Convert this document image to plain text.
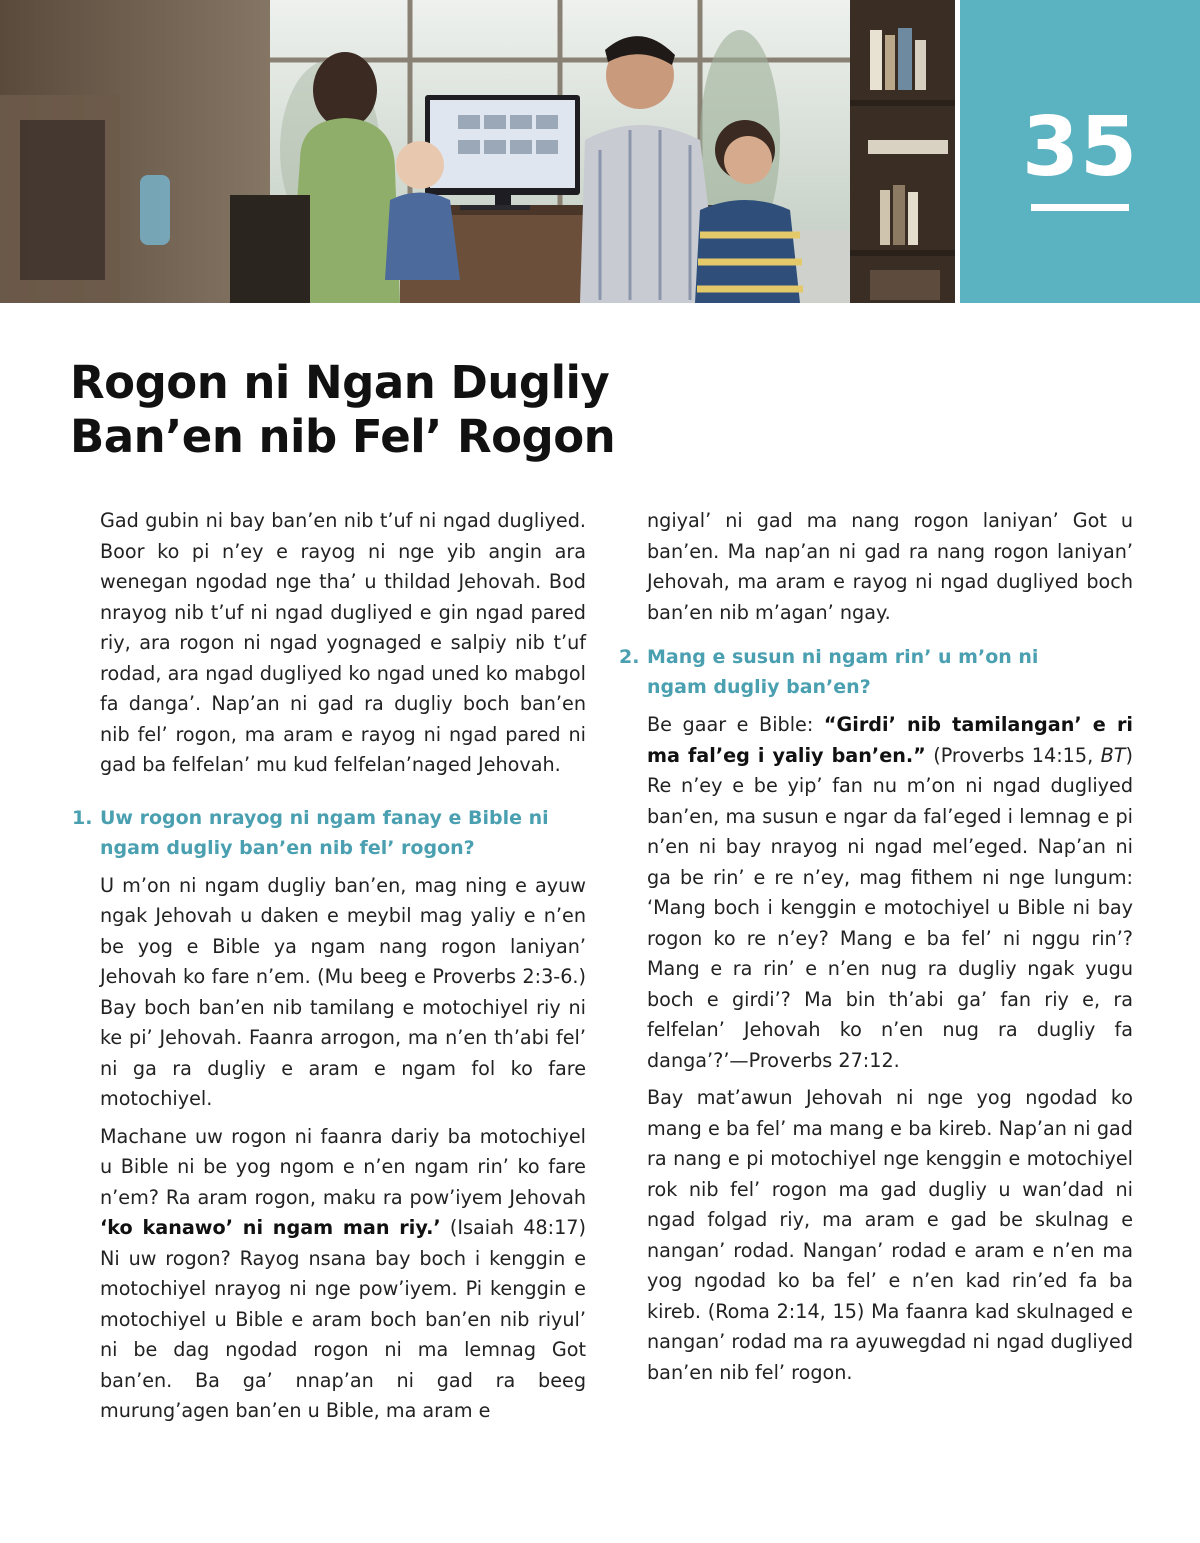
35
Rogon ni Ngan Dugliy
Ban’en nib Fel’ Rogon

Gad gubin ni bay ban’en nib t’uf ni ngad dugliyed. Boor ko pi n’ey e rayog ni nge yib angin ara wenegan ngodad nge tha’ u thildad Jehovah. Bod nrayog nib t’uf ni ngad dugliyed e gin ngad pared riy, ara rogon ni ngad yognaged e salpiy nib t’uf rodad, ara ngad dugliyed ko ngad uned ko mabgol fa danga’. Nap’an ni gad ra dugliy boch ban’en nib fel’ rogon, ma aram e rayog ni ngad pared ni gad ba felfelan’ mu kud felfelan’naged Jehovah.

1. Uw rogon nrayog ni ngam fanay e Bible ni
ngam dugliy ban’en nib fel’ rogon?

U m’on ni ngam dugliy ban’en, mag ning e ayuw ngak Jehovah u daken e meybil mag yaliy e n’en be yog e Bible ya ngam nang rogon laniyan’ Jehovah ko fare n’em. (Mu beeg e Proverbs 2:3-6.) Bay boch ban’en nib tamilang e motochiyel riy ni ke pi’ Jehovah. Faanra arrogon, ma n’en th’abi fel’ ni ga ra dugliy e aram e ngam fol ko fare motochiyel.

Machane uw rogon ni faanra dariy ba motochiyel u Bible ni be yog ngom e n’en ngam rin’ ko fare n’em? Ra aram rogon, maku ra pow’iyem Jehovah ‘ko kanawo’ ni ngam man riy.’ (Isaiah 48:17) Ni uw rogon? Rayog nsana bay boch i kenggin e motochiyel nrayog ni nge pow’iyem. Pi kenggin e motochiyel u Bible e aram boch ban’en nib riyul’ ni be dag ngodad rogon ni ma lemnag Got ban’en. Ba ga’ nnap’an ni gad ra beeg murung’agen ban’en u Bible, ma aram e

ngiyal’ ni gad ma nang rogon laniyan’ Got u ban’en. Ma nap’an ni gad ra nang rogon laniyan’ Jehovah, ma aram e rayog ni ngad dugliyed boch ban’en nib m’agan’ ngay.

2. Mang e susun ni ngam rin’ u m’on ni
ngam dugliy ban’en?

Be gaar e Bible: “Girdi’ nib tamilangan’ e ri ma fal’eg i yaliy ban’en.” (Proverbs 14:15, BT) Re n’ey e be yip’ fan nu m’on ni ngad dugliyed ban’en, ma susun e ngar da fal’eged i lemnag e pi n’en ni bay nrayog ni ngad mel’eged. Nap’an ni ga be rin’ e re n’ey, mag fithem ni nge lungum: ‘Mang boch i kenggin e motochiyel u Bible ni bay rogon ko re n’ey? Mang e ba fel’ ni nggu rin’? Mang e ra rin’ e n’en nug ra dugliy ngak yugu boch e girdi’? Ma bin th’abi ga’ fan riy e, ra felfelan’ Jehovah ko n’en nug ra dugliy fa danga’?’—Proverbs 27:12.

Bay mat’awun Jehovah ni nge yog ngodad ko mang e ba fel’ ma mang e ba kireb. Nap’an ni gad ra nang e pi motochiyel nge kenggin e motochiyel rok nib fel’ rogon ma gad dugliy u wan’dad ni ngad folgad riy, ma aram e gad be skulnag e nangan’ rodad. Nangan’ rodad e aram e n’en ma yog ngodad ko ba fel’ e n’en kad rin’ed fa ba kireb. (Roma 2:14, 15) Ma faanra kad skulnaged e nangan’ rodad ma ra ayuwegdad ni ngad dugliyed ban’en nib fel’ rogon.
